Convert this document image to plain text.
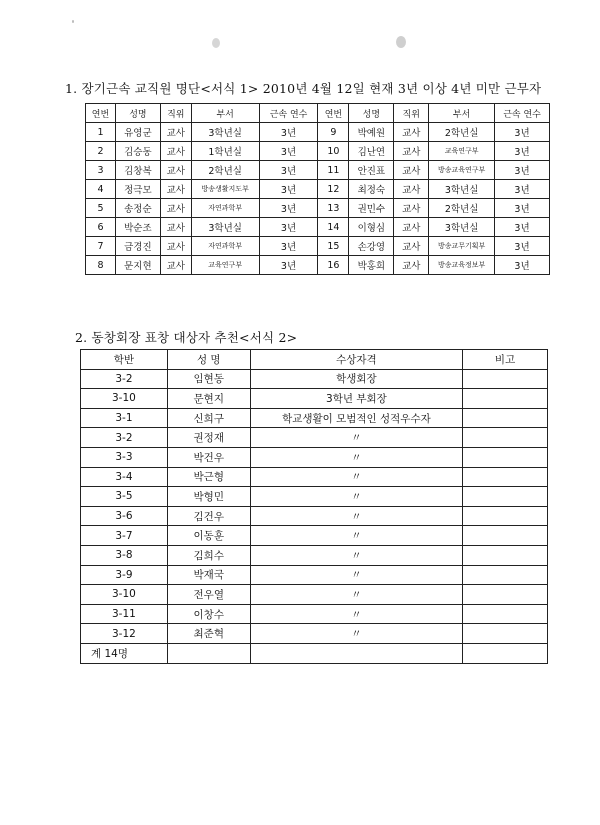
1. 장기근속 교직원 명단<서식 1> 2010년 4월 12일 현재 3년 이상 4년 미만 근무자
연번	성명	직위	부서	근속 연수	연번	성명	직위	부서	근속 연수
1	유영군	교사	3학년실	3년	9	박예원	교사	2학년실	3년
2	김승동	교사	1학년실	3년	10	김난연	교사	교육연구부	3년
3	김창복	교사	2학년실	3년	11	안진표	교사	방송교육연구부	3년
4	정극모	교사	방송생활지도부	3년	12	최정숙	교사	3학년실	3년
5	송정순	교사	자연과학부	3년	13	권민수	교사	2학년실	3년
6	박순조	교사	3학년실	3년	14	이형심	교사	3학년실	3년
7	금경진	교사	자연과학부	3년	15	손강영	교사	방송교무기획부	3년
8	문지현	교사	교육연구부	3년	16	박홍희	교사	방송교육정보부	3년
2. 동창회장 표창 대상자 추천<서식 2>
학반	성 명	수상자격	비고
3-2	임현동	학생회장	
3-10	문현지	3학년 부회장	
3-1	신희구	학교생활이 모범적인 성적우수자	
3-2	권정재	〃	
3-3	박건우	〃	
3-4	박근형	〃	
3-5	박형민	〃	
3-6	김건우	〃	
3-7	이동훈	〃	
3-8	김희수	〃	
3-9	박재국	〃	
3-10	전우열	〃	
3-11	이창수	〃	
3-12	최준혁	〃	
계 14명			
